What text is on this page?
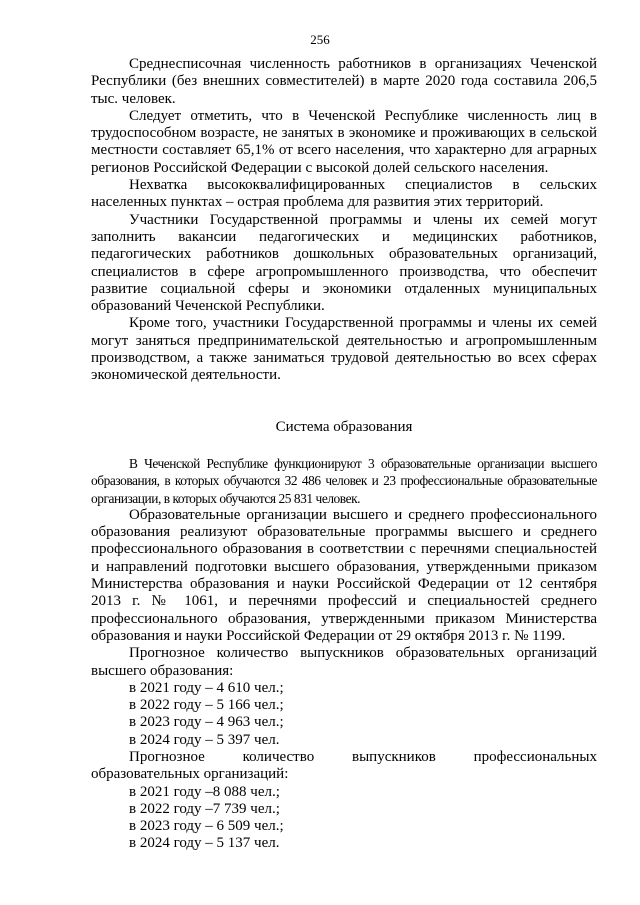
256

Среднесписочная численность работников в организациях Чеченской Республики (без внешних совместителей) в марте 2020 года составила 206,5 тыс. человек.

Следует отметить, что в Чеченской Республике численность лиц в трудоспособном возрасте, не занятых в экономике и проживающих в сельской местности составляет 65,1% от всего населения, что характерно для аграрных регионов Российской Федерации с высокой долей сельского населения.

Нехватка высококвалифицированных специалистов в сельских населенных пунктах – острая проблема для развития этих территорий.

Участники Государственной программы и члены их семей могут заполнить вакансии педагогических и медицинских работников, педагогических работников дошкольных образовательных организаций, специалистов в сфере агропромышленного производства, что обеспечит развитие социальной сферы и экономики отдаленных муниципальных образований Чеченской Республики.

Кроме того, участники Государственной программы и члены их семей могут заняться предпринимательской деятельностью и агропромышленным производством, а также заниматься трудовой деятельностью во всех сферах экономической деятельности.

Система образования

В Чеченской Республике функционируют 3 образовательные организации высшего образования, в которых обучаются 32 486 человек и 23 профессиональные образовательные организации, в которых обучаются 25 831 человек.

Образовательные организации высшего и среднего профессионального образования реализуют образовательные программы высшего и среднего профессионального образования в соответствии с перечнями специальностей и направлений подготовки высшего образования, утвержденными приказом Министерства образования и науки Российской Федерации от 12 сентября 2013 г. № 1061, и перечнями профессий и специальностей среднего профессионального образования, утвержденными приказом Министерства образования и науки Российской Федерации от 29 октября 2013 г. № 1199.

Прогнозное количество выпускников образовательных организаций высшего образования:

в 2021 году – 4 610 чел.;
в 2022 году – 5 166 чел.;
в 2023 году – 4 963 чел.;
в 2024 году – 5 397 чел.

Прогнозное количество выпускников профессиональных образовательных организаций:

в 2021 году –8 088 чел.;
в 2022 году –7 739 чел.;
в 2023 году – 6 509 чел.;
в 2024 году – 5 137 чел.
